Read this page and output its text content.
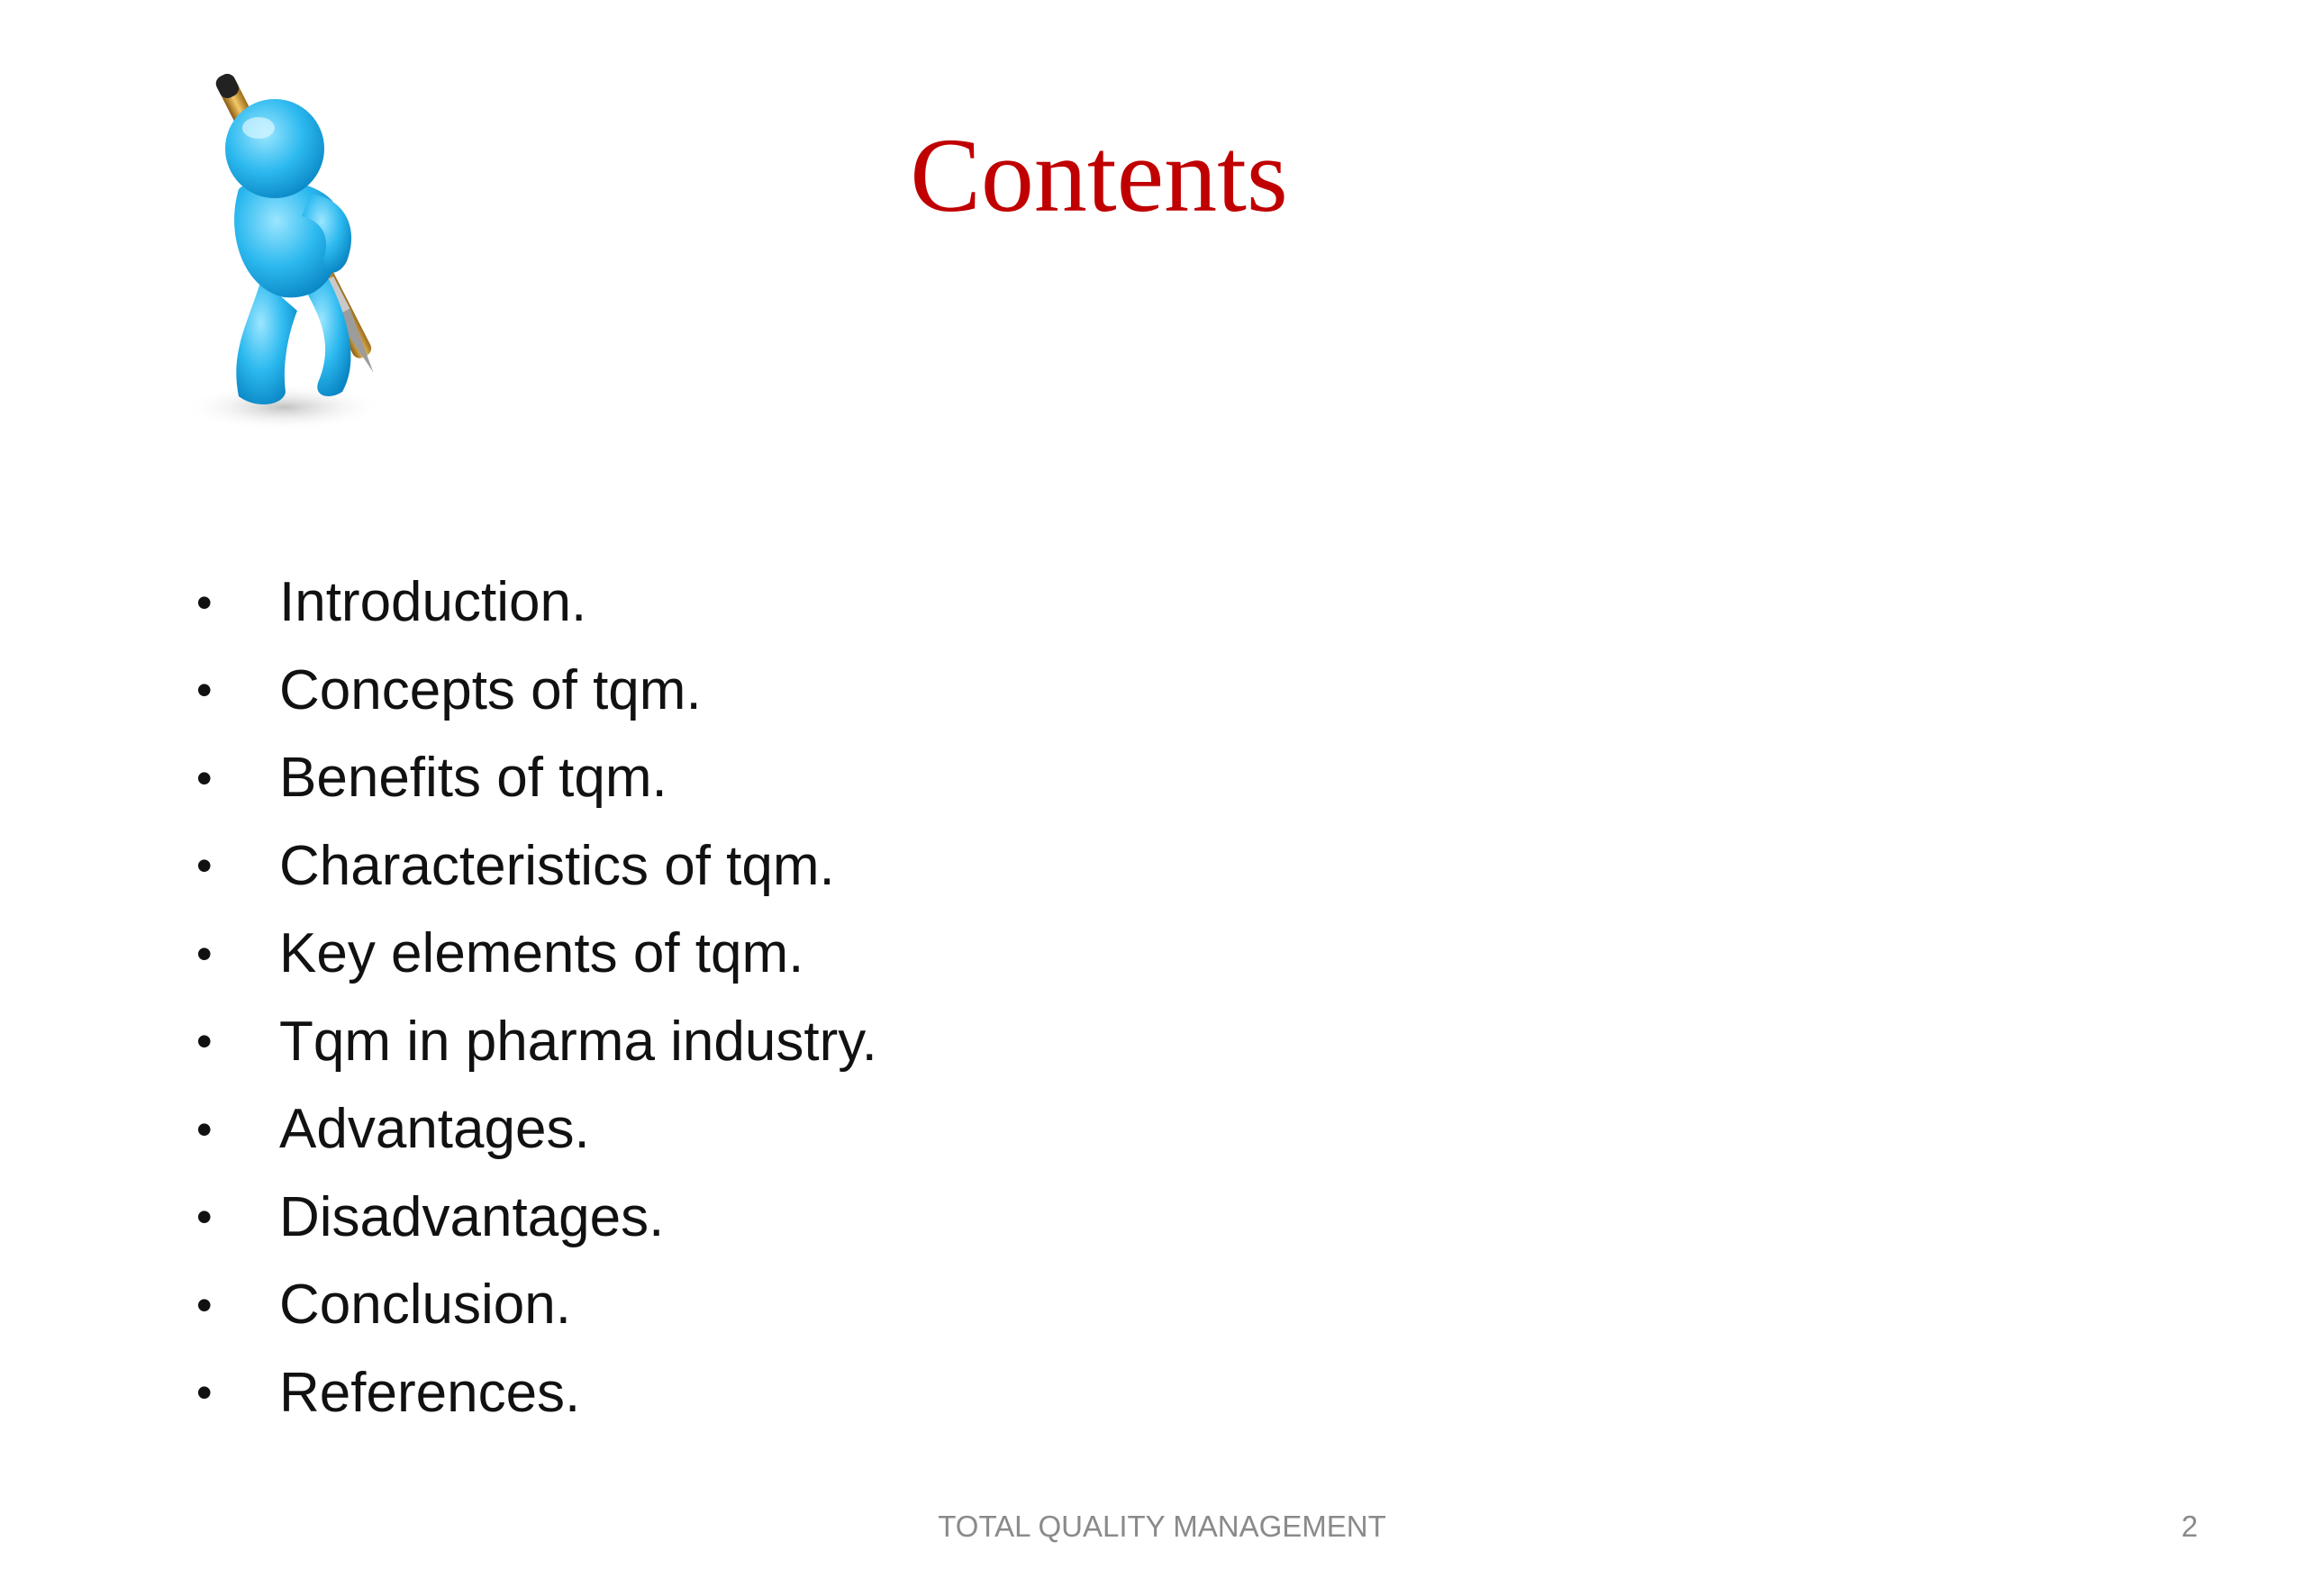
Contents
•	Introduction.
•	Concepts of tqm.
•	Benefits of tqm.
•	Characteristics of tqm.
•	Key elements of tqm.
•	Tqm in pharma industry.
•	Advantages.
•	Disadvantages.
•	Conclusion.
•	References.
TOTAL QUALITY MANAGEMENT	2
